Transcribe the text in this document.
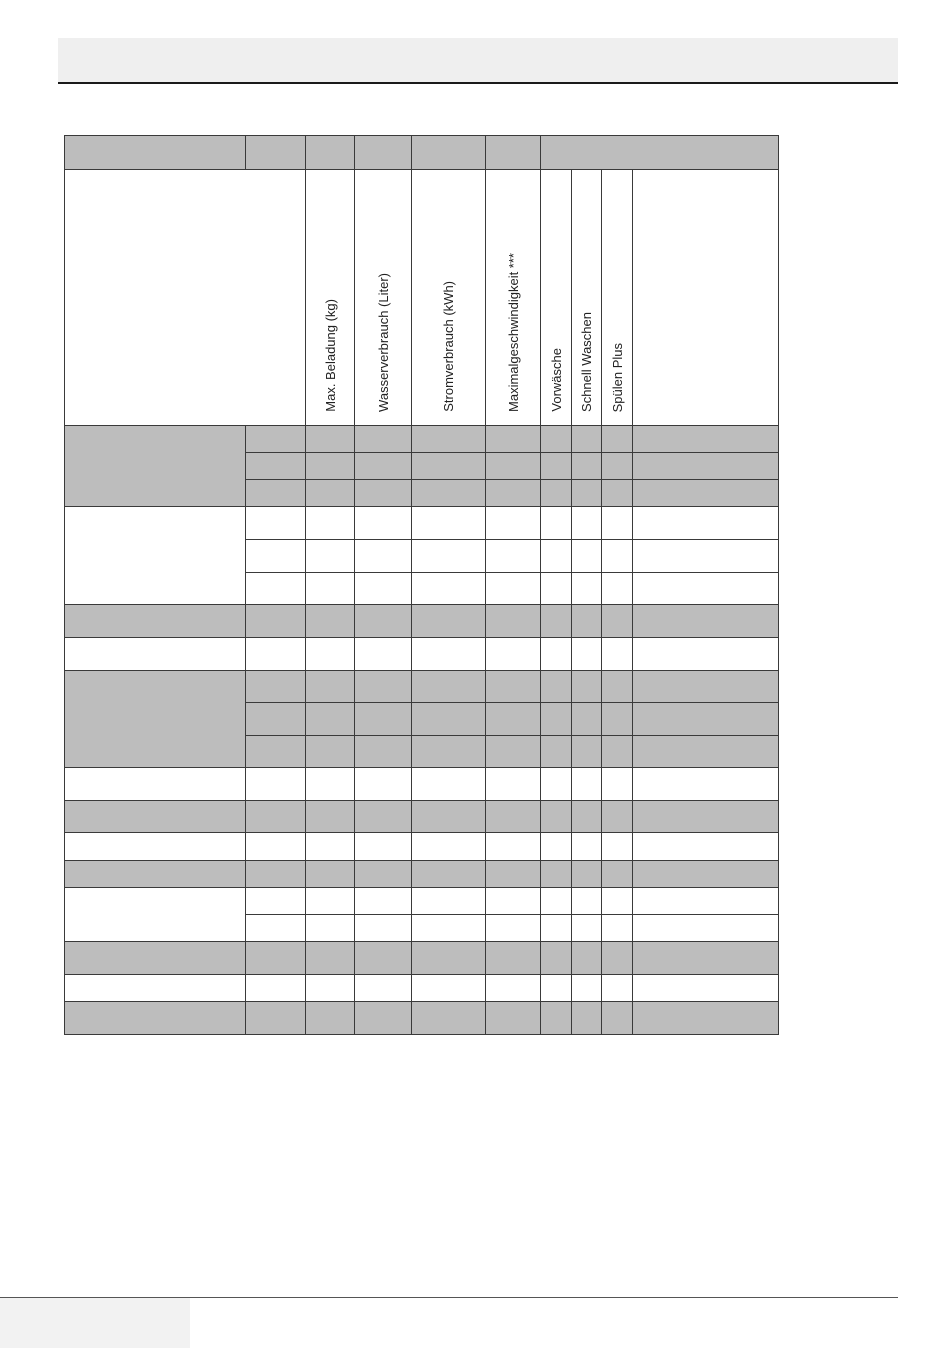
		Max. Beladung (kg)	Wasserverbrauch (Liter)	Stromverbrauch (kWh)	Maximalgeschwindigkeit ***	Vorwäsche	Schnell Waschen	Spülen Plus	
